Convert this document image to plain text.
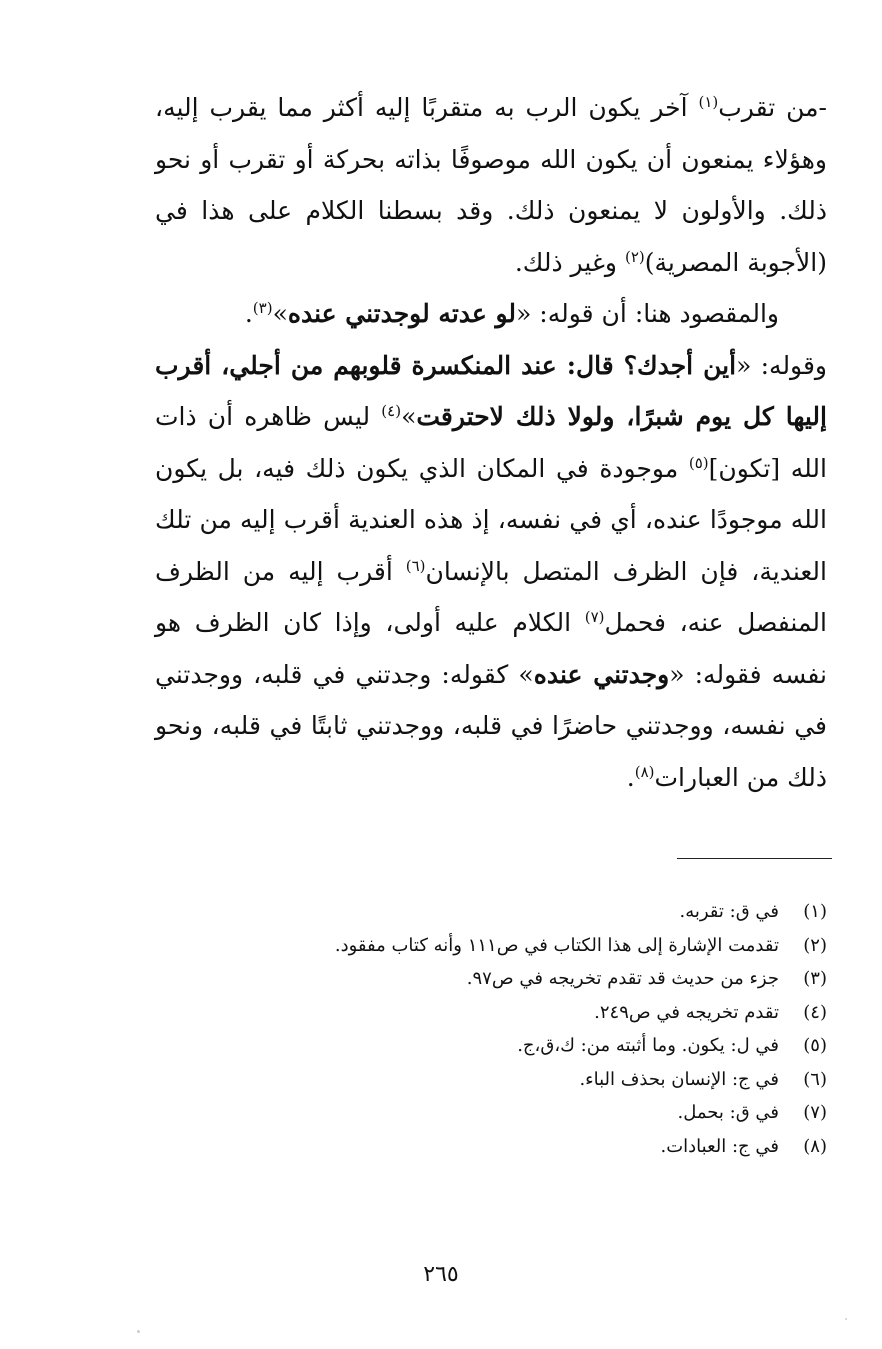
-من تقرب$^{(١)}$ آخر يكون الرب به متقربًا إليه أكثر مما يقرب إليه، وهؤلاء يمنعون أن يكون الله موصوفًا بذاته بحركة أو تقرب أو نحو ذلك. والأولون لا يمنعون ذلك. وقد بسطنا الكلام على هذا في (الأجوبة المصرية)$^{(٢)}$ وغير ذلك.

والمقصود هنا: أن قوله: «لو عدته لوجدتني عنده»$^{(٣)}$.

وقوله: «أين أجدك؟ قال: عند المنكسرة قلوبهم من أجلي، أقرب إليها كل يوم شبرًا، ولولا ذلك لاحترقت»$^{(٤)}$ ليس ظاهره أن ذات الله [تكون]$^{(٥)}$ موجودة في المكان الذي يكون ذلك فيه، بل يكون الله موجودًا عنده، أي في نفسه، إذ هذه العندية أقرب إليه من تلك العندية، فإن الظرف المتصل بالإنسان$^{(٦)}$ أقرب إليه من الظرف المنفصل عنه، فحمل$^{(٧)}$ الكلام عليه أولى، وإذا كان الظرف هو نفسه فقوله: «وجدتني عنده» كقوله: وجدتني في قلبه، ووجدتني في نفسه، ووجدتني حاضرًا في قلبه، ووجدتني ثابتًا في قلبه، ونحو ذلك من العبارات$^{(٨)}$.

(١)
في ق: تقربه.
(٢)
تقدمت الإشارة إلى هذا الكتاب في ص١١١ وأنه كتاب مفقود.
(٣)
جزء من حديث قد تقدم تخريجه في ص٩٧.
(٤)
تقدم تخريجه في ص٢٤٩.
(٥)
في ل: يكون. وما أثبته من: ك،ق،ج.
(٦)
في ج: الإنسان بحذف الباء.
(٧)
في ق: بحمل.
(٨)
في ج: العبادات.
٢٦٥
